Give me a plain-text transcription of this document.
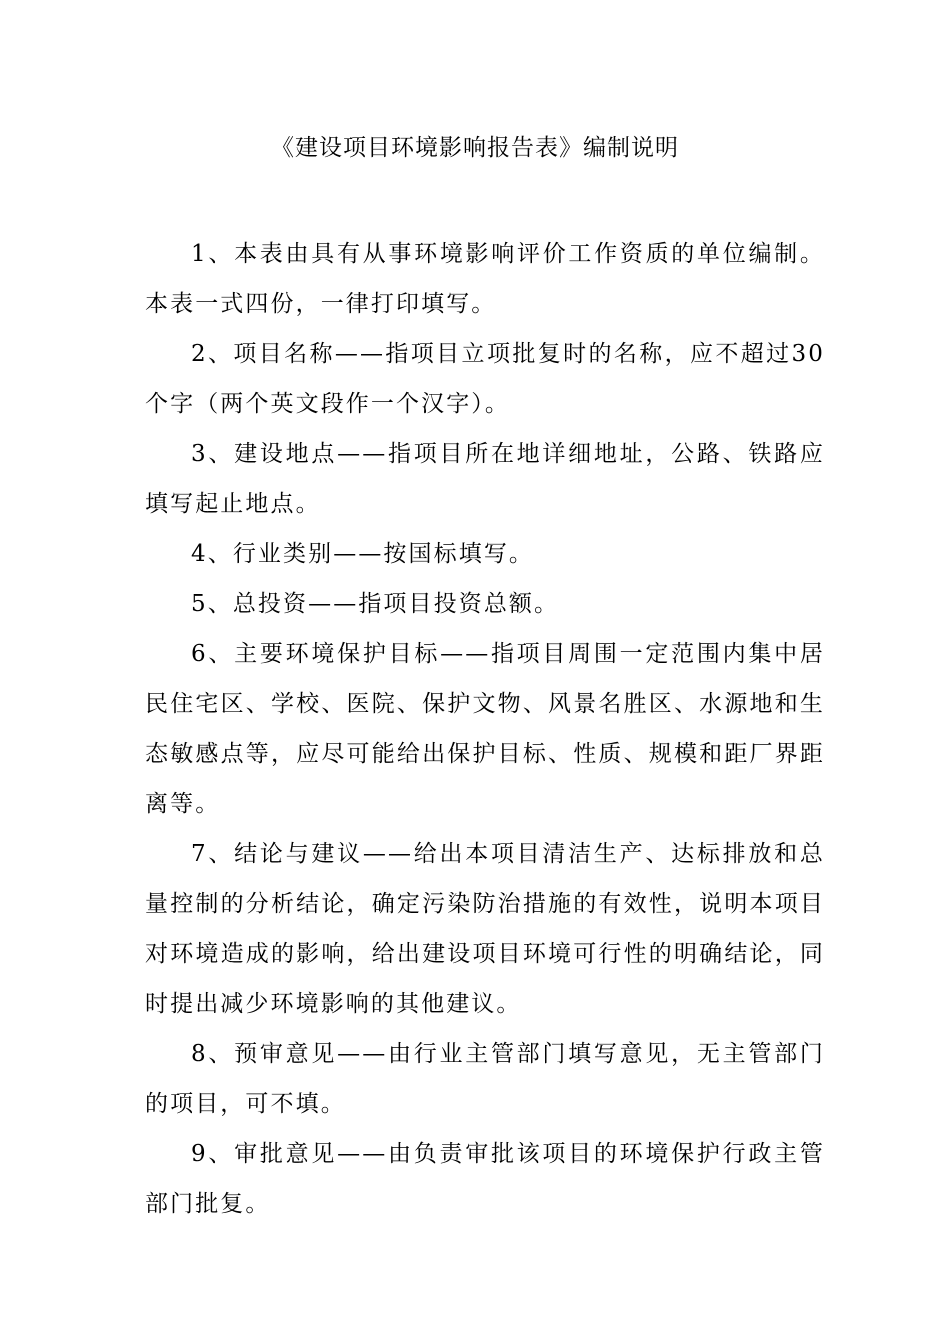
《建设项目环境影响报告表》编制说明

1、本表由具有从事环境影响评价工作资质的单位编制。本表一式四份，一律打印填写。

2、项目名称——指项目立项批复时的名称，应不超过30个字（两个英文段作一个汉字）。

3、建设地点——指项目所在地详细地址，公路、铁路应填写起止地点。

4、行业类别——按国标填写。

5、总投资——指项目投资总额。

6、主要环境保护目标——指项目周围一定范围内集中居民住宅区、学校、医院、保护文物、风景名胜区、水源地和生态敏感点等，应尽可能给出保护目标、性质、规模和距厂界距离等。

7、结论与建议——给出本项目清洁生产、达标排放和总量控制的分析结论，确定污染防治措施的有效性，说明本项目对环境造成的影响，给出建设项目环境可行性的明确结论，同时提出减少环境影响的其他建议。

8、预审意见——由行业主管部门填写意见，无主管部门的项目，可不填。

9、审批意见——由负责审批该项目的环境保护行政主管部门批复。
